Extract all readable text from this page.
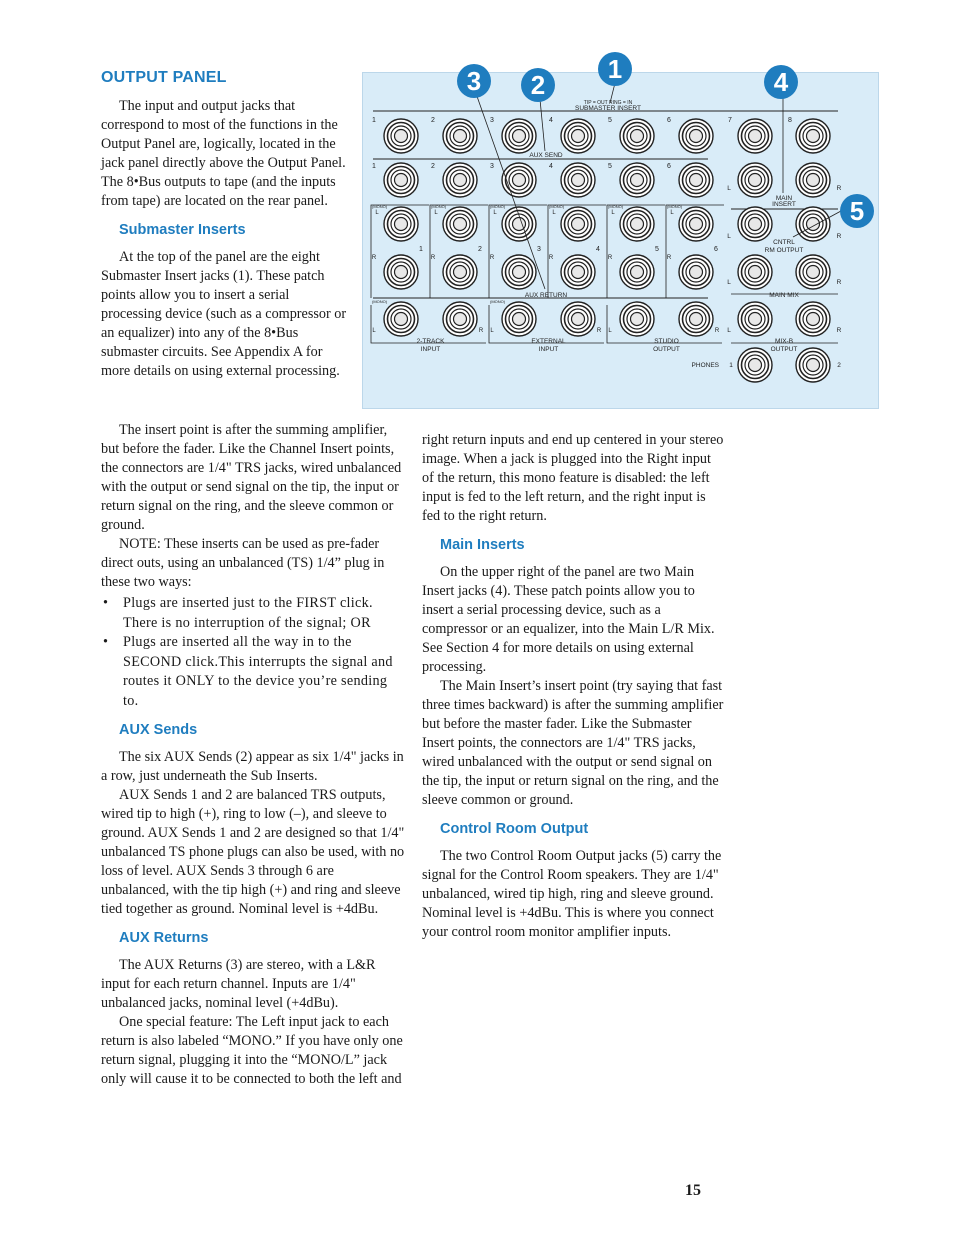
OUTPUT PANEL

The input and output jacks that correspond to most of the functions in the Output Panel are, logically, located in the jack panel directly above the Output Panel. The 8•Bus outputs to tape (and the inputs from tape) are located on the rear panel.

Submaster Inserts

At the top of the panel are the eight Submaster Insert jacks (1). These patch points allow you to insert a serial processing device (such as a compressor or an equalizer) into any of the 8•Bus submaster circuits. See Appendix A for more details on using external processing.

The insert point is after the summing amplifier, but before the fader. Like the Channel Insert points, the connectors are 1/4" TRS jacks, wired unbalanced with the output or send signal on the tip, the input or return signal on the ring, and the sleeve common or ground.

NOTE: These inserts can be used as pre-fader direct outs, using an unbalanced (TS) 1/4” plug in these two ways:

• Plugs are inserted just to the FIRST click. There is no interruption of the signal; OR
• Plugs are inserted all the way in to the SECOND click.This interrupts the signal and routes it ONLY to the device you’re sending to.
AUX Sends

The six AUX Sends (2) appear as six 1/4" jacks in a row, just underneath the Sub Inserts.

AUX Sends 1 and 2 are balanced TRS outputs, wired tip to high (+), ring to low (–), and sleeve to ground. AUX Sends 1 and 2 are designed so that 1/4" unbalanced TS phone plugs can also be used, with no loss of level. AUX Sends 3 through 6 are unbalanced, with the tip high (+) and ring and sleeve tied together as ground. Nominal level is +4dBu.

AUX Returns

The AUX Returns (3) are stereo, with a L&R input for each return channel. Inputs are 1/4" unbalanced jacks, nominal level (+4dBu).

One special feature: The Left input jack to each return is also labeled “MONO.” If you have only one return signal, plugging it into the “MONO/L” jack only will cause it to be connected to both the left and

right return inputs and end up centered in your stereo image. When a jack is plugged into the Right input of the return, this mono feature is disabled: the left input is fed to the left return, and the right input is fed to the right return.

Main Inserts

On the upper right of the panel are two Main Insert jacks (4). These patch points allow you to insert a serial processing device, such as a compressor or an equalizer, into the Main L/R Mix. See Section 4 for more details on using external processing.

The Main Insert’s insert point (try saying that fast three times backward) is after the summing amplifier but before the master fader. Like the Submaster Insert points, the connectors are 1/4" TRS jacks, wired unbalanced with the output or send signal on the tip, the input or return signal on the ring, and the sleeve common or ground.

Control Room Output

The two Control Room Output jacks (5) carry the signal for the Control Room speakers. They are 1/4" unbalanced, wired tip high, ring and sleeve ground. Nominal level is +4dBu. This is where you connect your control room monitor amplifier inputs.

15
TIP = OUT RING = IN
SUBMASTER INSERT
1	2	3	4	5	6	7	8
AUX SEND
1	2	3	4	5	6
L	R
MAIN
INSERT
(MONO)
L
1
R
(MONO)
L
2
R
(MONO)
L
3
R
(MONO)
L
4
R
(MONO)
L
5
R
(MONO)
L
6
R
AUX RETURN
L	R
CNTRL
RM OUTPUT
L	R
MAIN MIX
(MONO)
L	R
2-TRACK
INPUT
(MONO)
L	R
EXTERNAL
INPUT
L	R
STUDIO
OUTPUT
L	R
MIX-B
OUTPUT
PHONES 1	2
3	2
1	4
5
